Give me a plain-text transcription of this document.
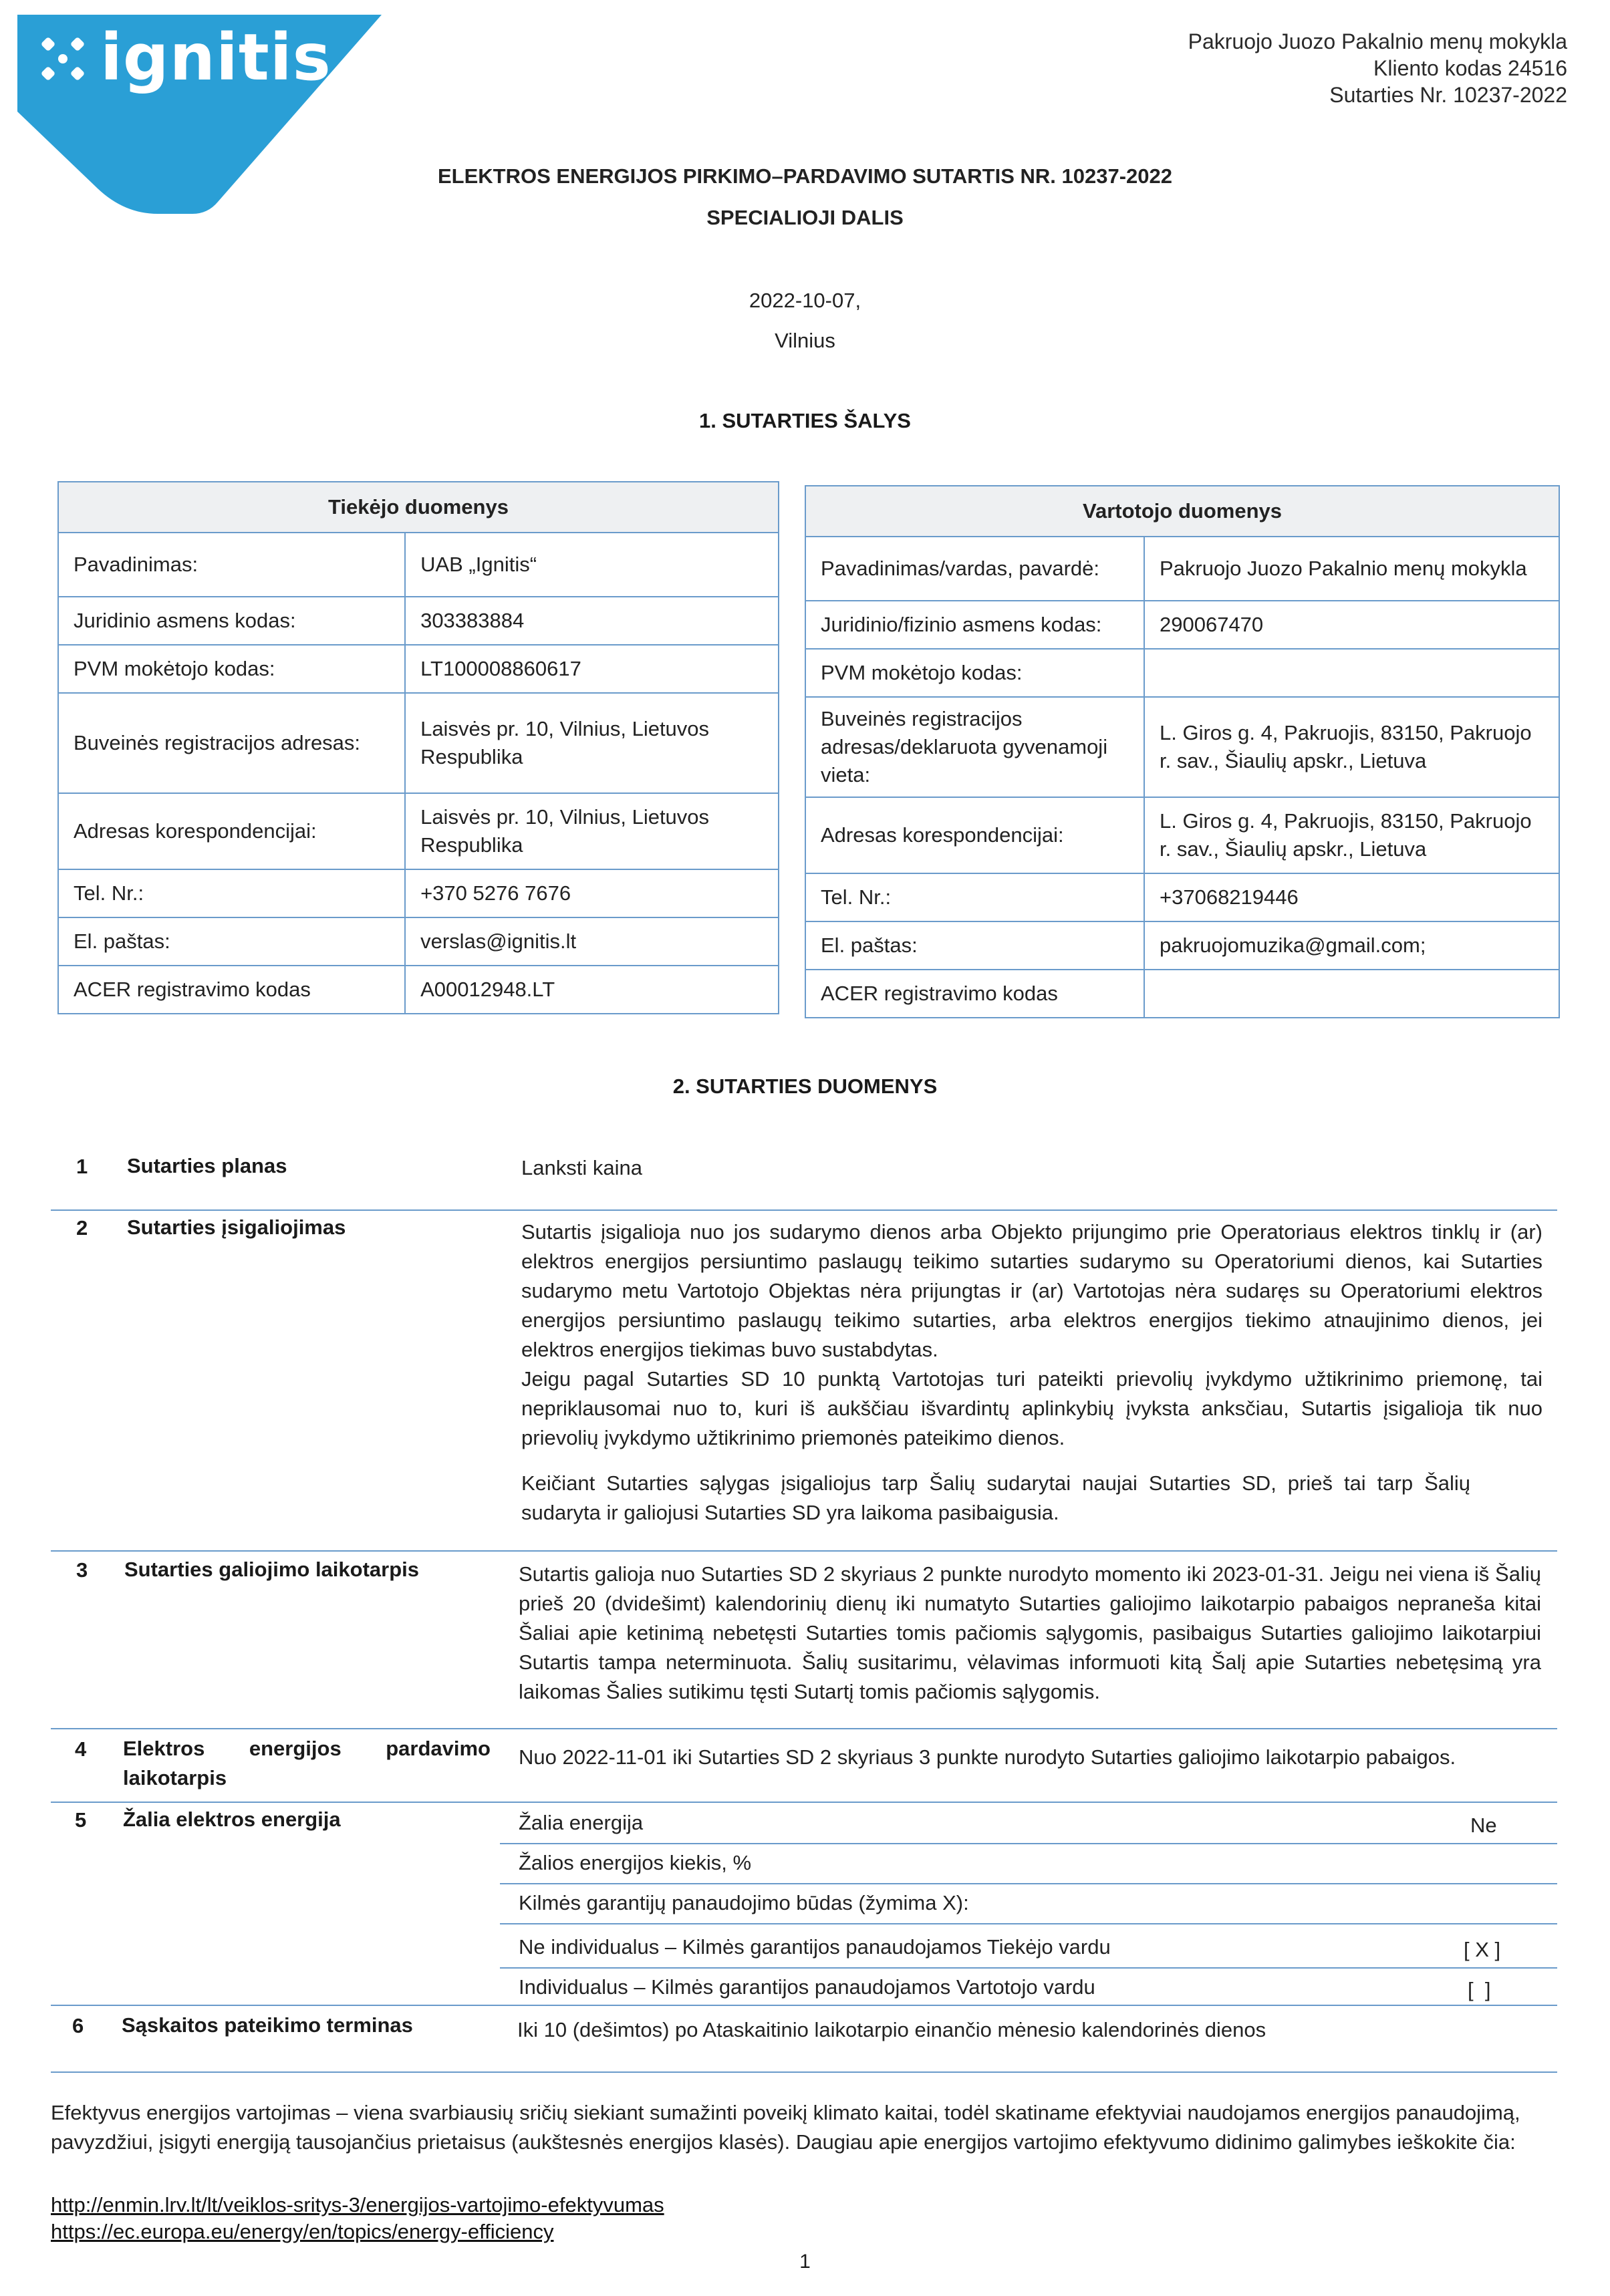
ignitis	Pakruojo Juozo Pakalnio menų mokykla
Kliento kodas 24516
Sutarties Nr. 10237-2022
ELEKTROS ENERGIJOS PIRKIMO–PARDAVIMO SUTARTIS NR. 10237-2022
SPECIALIOJI DALIS
2022-10-07,
Vilnius
1. SUTARTIES ŠALYS
Tiekėjo duomenys	
Pavadinimas:	UAB „Ignitis“
Juridinio asmens kodas:	303383884
PVM mokėtojo kodas:	LT100008860617
Buveinės registracijos adresas:	Laisvės pr. 10, Vilnius, Lietuvos Respublika
Adresas korespondencijai:	Laisvės pr. 10, Vilnius, Lietuvos Respublika
Tel. Nr.:	+370 5276 7676
El. paštas:	verslas@ignitis.lt
ACER registravimo kodas	A00012948.LT
Vartotojo duomenys	
Pavadinimas/vardas, pavardė:	Pakruojo Juozo Pakalnio menų mokykla
Juridinio/fizinio asmens kodas:	290067470
PVM mokėtojo kodas:	
Buveinės registracijos adresas/deklaruota gyvenamoji vieta:	L. Giros g. 4, Pakruojis, 83150, Pakruojo r. sav., Šiaulių apskr., Lietuva
Adresas korespondencijai:	L. Giros g. 4, Pakruojis, 83150, Pakruojo r. sav., Šiaulių apskr., Lietuva
Tel. Nr.:	+37068219446
El. paštas:	pakruojomuzika@gmail.com;
ACER registravimo kodas	
2. SUTARTIES DUOMENYS
1 Sutarties planas	Lanksti kaina
2 Sutarties įsigaliojimas	Sutartis įsigalioja nuo jos sudarymo dienos arba Objekto prijungimo prie Operatoriaus elektros tinklų ir (ar) elektros energijos persiuntimo paslaugų teikimo sutarties sudarymo su Operatoriumi dienos, kai Sutarties sudarymo metu Vartotojo Objektas nėra prijungtas ir (ar) Vartotojas nėra sudaręs su Operatoriumi elektros energijos persiuntimo paslaugų teikimo sutarties, arba elektros energijos tiekimo atnaujinimo dienos, jei elektros energijos tiekimas buvo sustabdytas.
Jeigu pagal Sutarties SD 10 punktą Vartotojas turi pateikti prievolių įvykdymo užtikrinimo priemonę, tai nepriklausomai nuo to, kuri iš aukščiau išvardintų aplinkybių įvyksta anksčiau, Sutartis įsigalioja tik nuo prievolių įvykdymo užtikrinimo priemonės pateikimo dienos.
Keičiant Sutarties sąlygas įsigaliojus tarp Šalių sudarytai naujai Sutarties SD, prieš tai tarp Šalių sudaryta ir galiojusi Sutarties SD yra laikoma pasibaigusia.
3 Sutarties galiojimo laikotarpis	Sutartis galioja nuo Sutarties SD 2 skyriaus 2 punkte nurodyto momento iki 2023-01-31. Jeigu nei viena iš Šalių prieš 20 (dvidešimt) kalendorinių dienų iki numatyto Sutarties galiojimo laikotarpio pabaigos nepraneša kitai Šaliai apie ketinimą nebetęsti Sutarties tomis pačiomis sąlygomis, pasibaigus Sutarties galiojimo laikotarpiui Sutartis tampa neterminuota. Šalių susitarimu, vėlavimas informuoti kitą Šalį apie Sutarties nebetęsimą yra laikomas Šalies sutikimu tęsti Sutartį tomis pačiomis sąlygomis.
4 Elektros energijos pardavimo
laikotarpis
Nuo 2022-11-01 iki Sutarties SD 2 skyriaus 3 punkte nurodyto Sutarties galiojimo laikotarpio pabaigos.
5 Žalia elektros energija	Žalia energija	Ne
Žalios energijos kiekis, %
Kilmės garantijų panaudojimo būdas (žymima X):
Ne individualus – Kilmės garantijos panaudojamos Tiekėjo vardu	[ X ]
Individualus – Kilmės garantijos panaudojamos Vartotojo vardu	[  ]
6 Sąskaitos pateikimo terminas	Iki 10 (dešimtos) po Ataskaitinio laikotarpio einančio mėnesio kalendorinės dienos
Efektyvus energijos vartojimas – viena svarbiausių sričių siekiant sumažinti poveikį klimato kaitai, todėl skatiname efektyviai naudojamos energijos panaudojimą, pavyzdžiui, įsigyti energiją tausojančius prietaisus (aukštesnės energijos klasės). Daugiau apie energijos vartojimo efektyvumo didinimo galimybes ieškokite čia:
http://enmin.lrv.lt/lt/veiklos-sritys-3/energijos-vartojimo-efektyvumas
https://ec.europa.eu/energy/en/topics/energy-efficiency
1
